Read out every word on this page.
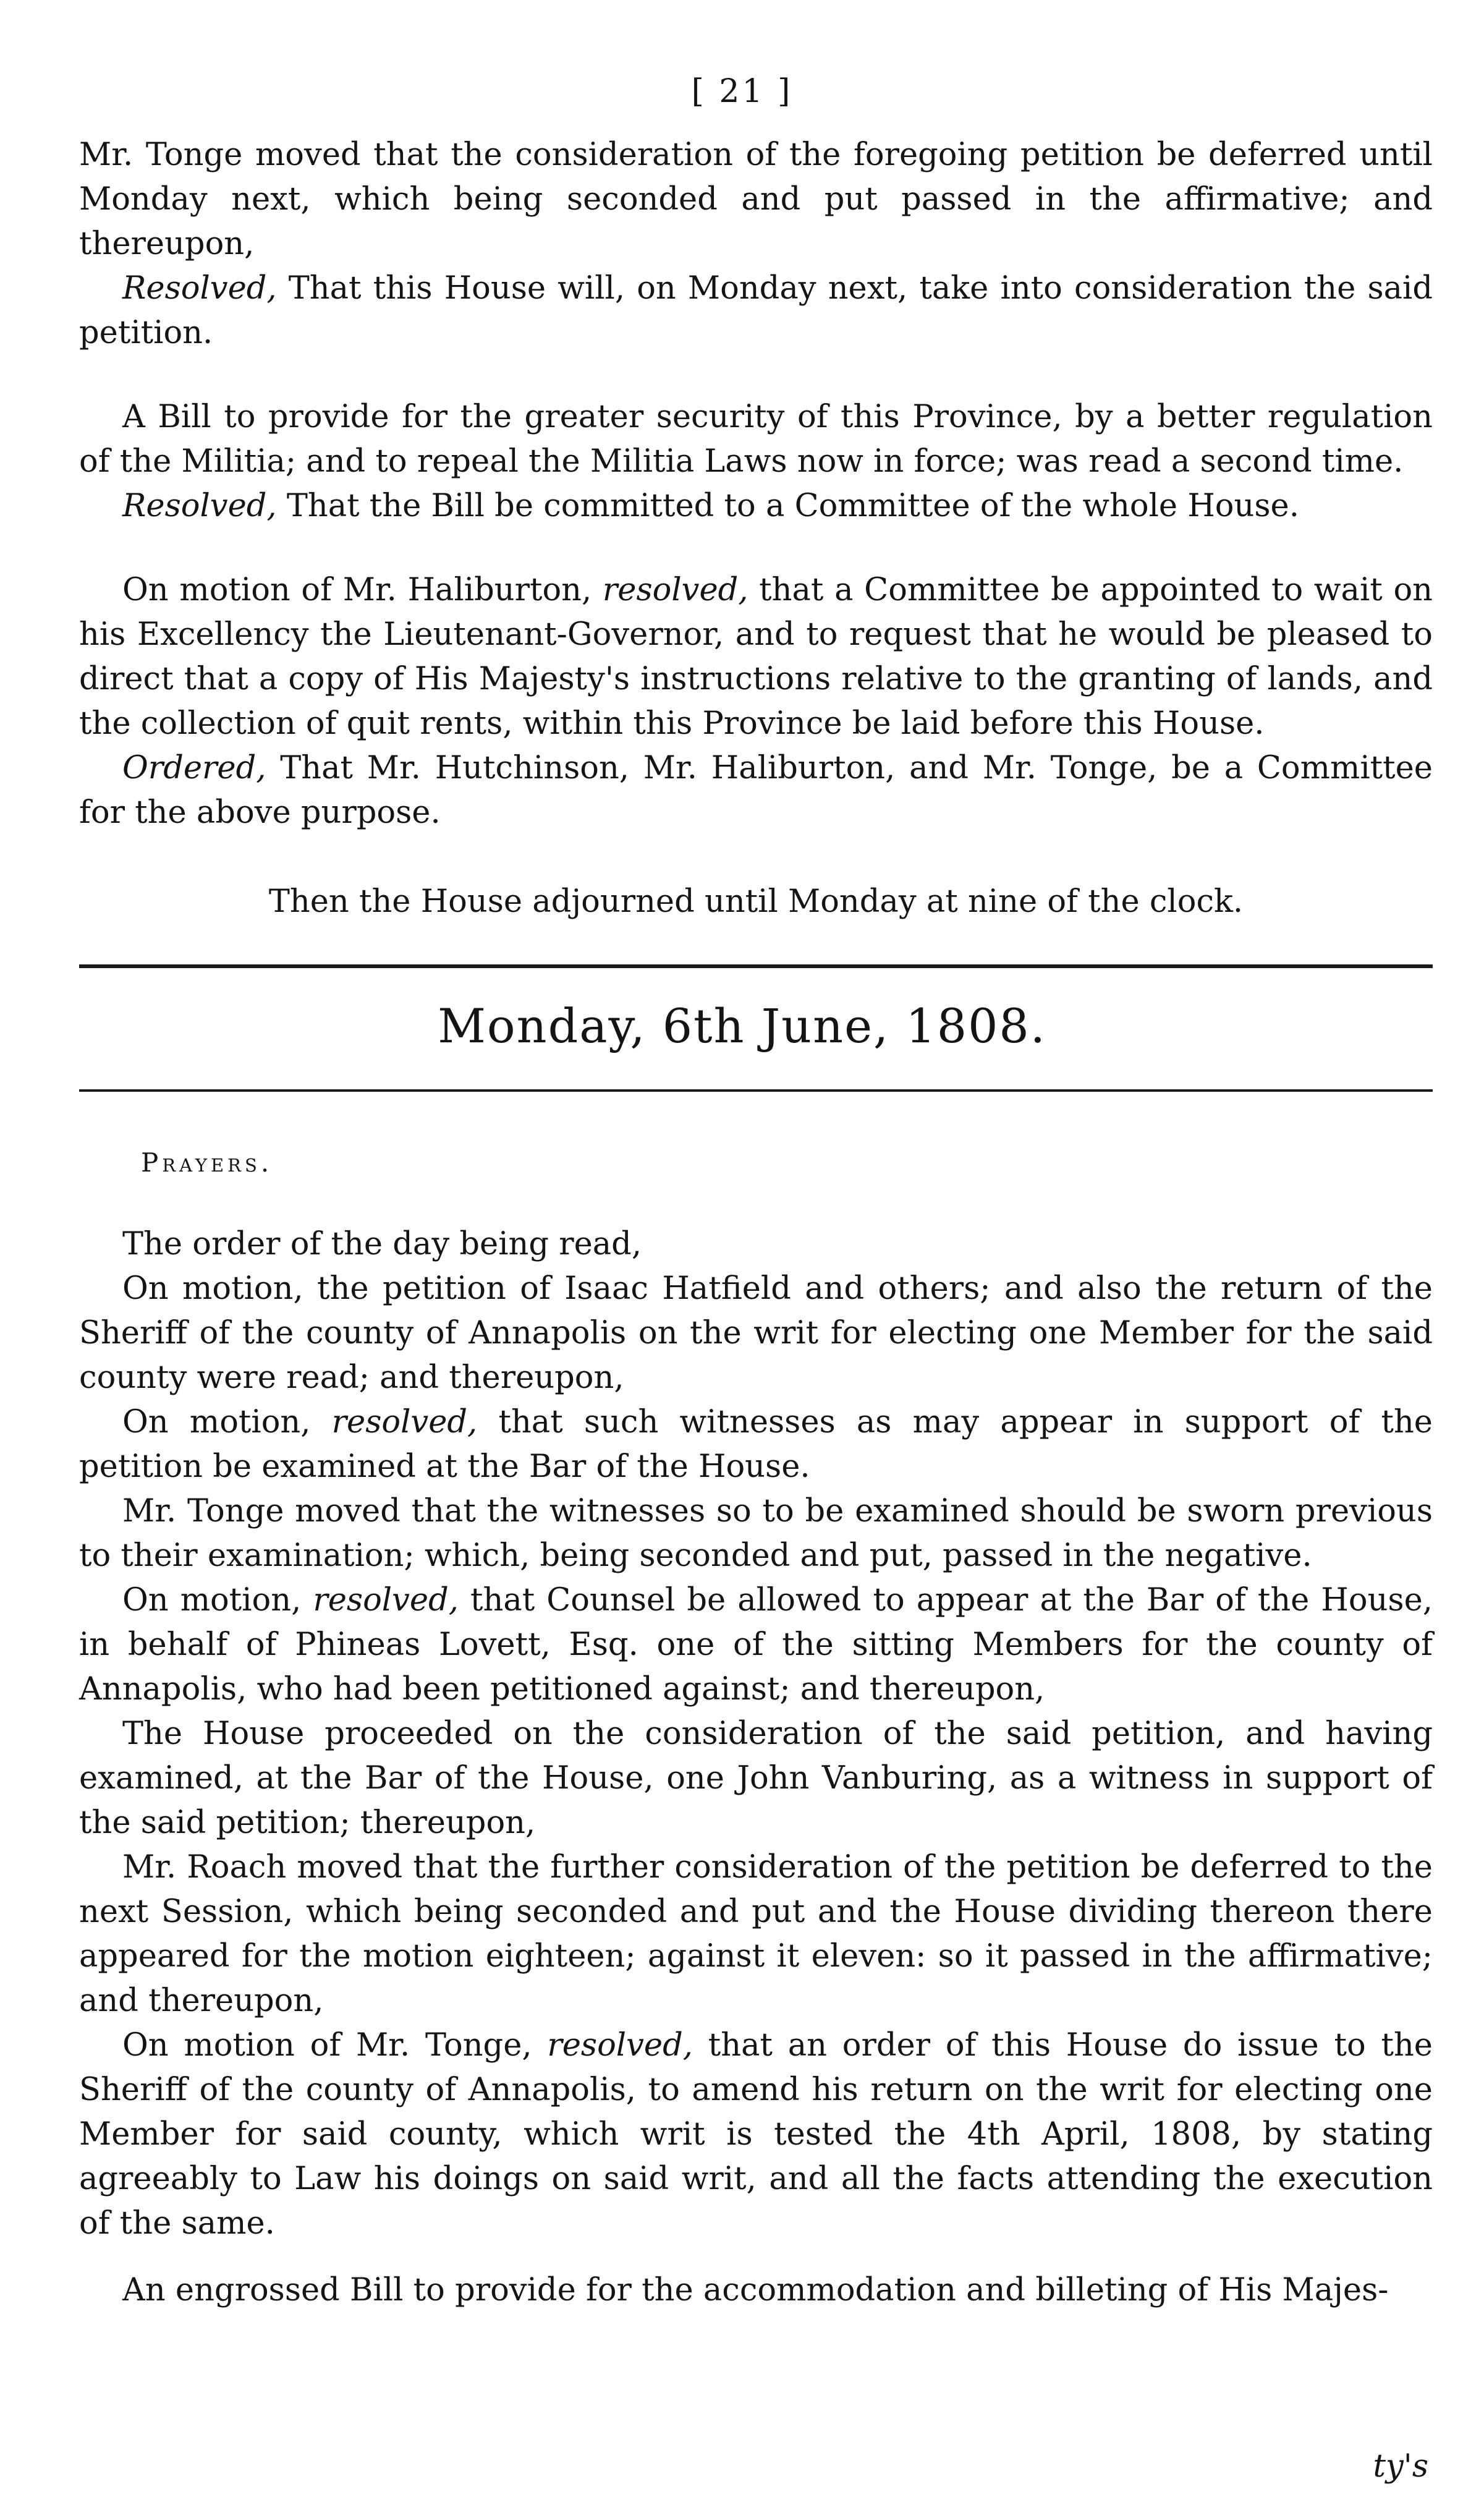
[ 21 ]

Mr. Tonge moved that the consideration of the foregoing petition be deferred until Monday next, which being seconded and put passed in the affirmative; and thereupon,

Resolved, That this House will, on Monday next, take into consideration the said petition.

A Bill to provide for the greater security of this Province, by a better regulation of the Militia; and to repeal the Militia Laws now in force; was read a second time.

Resolved, That the Bill be committed to a Committee of the whole House.

On motion of Mr. Haliburton, resolved, that a Committee be appointed to wait on his Excellency the Lieutenant-Governor, and to request that he would be pleased to direct that a copy of His Majesty's instructions relative to the granting of lands, and the collection of quit rents, within this Province be laid before this House.

Ordered, That Mr. Hutchinson, Mr. Haliburton, and Mr. Tonge, be a Committee for the above purpose.

Then the House adjourned until Monday at nine of the clock.

Monday, 6th June, 1808.

Prayers.

The order of the day being read,

On motion, the petition of Isaac Hatfield and others; and also the return of the Sheriff of the county of Annapolis on the writ for electing one Member for the said county were read; and thereupon,

On motion, resolved, that such witnesses as may appear in support of the petition be examined at the Bar of the House.

Mr. Tonge moved that the witnesses so to be examined should be sworn previous to their examination; which, being seconded and put, passed in the negative.

On motion, resolved, that Counsel be allowed to appear at the Bar of the House, in behalf of Phineas Lovett, Esq. one of the sitting Members for the county of Annapolis, who had been petitioned against; and thereupon,

The House proceeded on the consideration of the said petition, and having examined, at the Bar of the House, one John Vanburing, as a witness in support of the said petition; thereupon,

Mr. Roach moved that the further consideration of the petition be deferred to the next Session, which being seconded and put and the House dividing thereon there appeared for the motion eighteen; against it eleven: so it passed in the affirmative; and thereupon,

On motion of Mr. Tonge, resolved, that an order of this House do issue to the Sheriff of the county of Annapolis, to amend his return on the writ for electing one Member for said county, which writ is tested the 4th April, 1808, by stating agreeably to Law his doings on said writ, and all the facts attending the execution of the same.

An engrossed Bill to provide for the accommodation and billeting of His Majes-

ty's
